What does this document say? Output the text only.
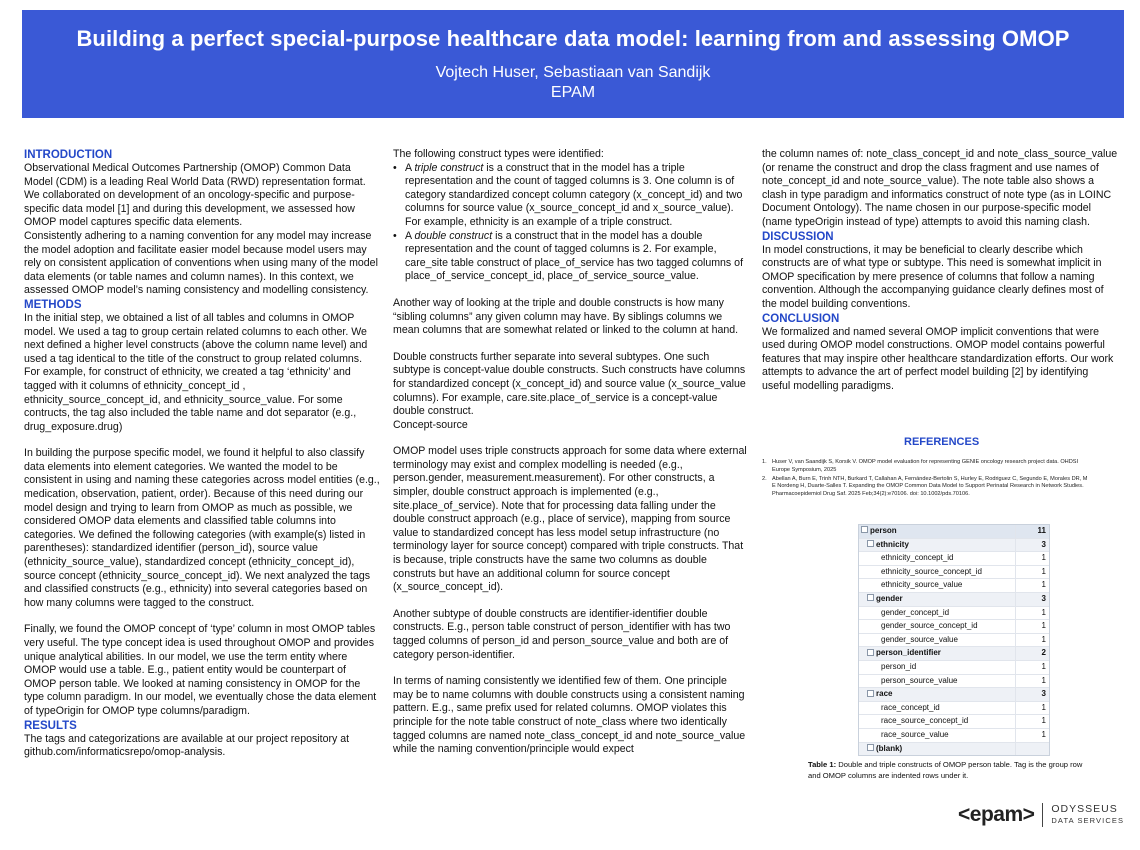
Building a perfect special-purpose healthcare data model: learning from and assessing OMOP
Vojtech Huser, Sebastiaan van Sandijk
EPAM
INTRODUCTION

Observational Medical Outcomes Partnership (OMOP) Common Data Model (CDM) is a leading Real World Data (RWD) representation format. We collaborated on development of an oncology-specific and purpose-specific data model [1] and during this development, we assessed how OMOP model captures specific data elements.

Consistently adhering to a naming convention for any model may increase the model adoption and facilitate easier model because model users may rely on consistent application of conventions when using many of the model data elements (or table names and column names). In this context, we assessed OMOP model’s naming consistency and modelling consistency.

METHODS

In the initial step, we obtained a list of all tables and columns in OMOP model. We used a tag to group certain related columns to each other. We next defined a higher level constructs (above the column name level) and used a tag identical to the title of the construct to group related columns. For example, for construct of ethnicity, we created a tag ‘ethnicity’ and tagged with it columns of ethnicity_concept_id , ethnicity_source_concept_id, and ethnicity_source_value. For some contructs, the tag also included the table name and dot separator (e.g., drug_exposure.drug)

In building the purpose specific model, we found it helpful to also classify data elements into element categories. We wanted the model to be consistent in using and naming these categories across model entities (e.g., medication, observation, patient, order). Because of this need during our model design and trying to learn from OMOP as much as possible, we considered OMOP data elements and classified table columns into categories. We defined the following categories (with example(s) listed in parentheses): standardized identifier (person_id), source value (ethnicity_source_value), standardized concept (ethnicity_concept_id), source concept (ethnicity_source_concept_id). We next analyzed the tags and classified constructs (e.g., ethnicity) into several categories based on how many columns were tagged to the construct.

Finally, we found the OMOP concept of ‘type’ column in most OMOP tables very useful. The type concept idea is used throughout OMOP and provides unique analytical abilities. In our model, we use the term entity where OMOP would use a table. E.g., patient entity would be counterpart of OMOP person table. We looked at naming consistency in OMOP for the type column paradigm. In our model, we eventually chose the data element of typeOrigin for OMOP type columns/paradigm.

RESULTS

The tags and categorizations are available at our project repository at github.com/informaticsrepo/omop-analysis.

The following construct types were identified:

• A triple construct is a construct that in the model has a triple representation and the count of tagged columns is 3. One column is of category standardized concept column category (x_concept_id) and two columns for source value (x_source_concept_id and x_source_value). For example, ethnicity is an example of a triple construct.
• A double construct is a construct that in the model has a double representation and the count of tagged columns is 2. For example, care_site table construct of place_of_service has two tagged columns of place_of_service_concept_id, place_of_service_source_value.

Another way of looking at the triple and double constructs is how many “sibling columns” any given column may have. By siblings columns we mean columns that are somewhat related or linked to the column at hand.

Double constructs further separate into several subtypes. One such subtype is concept-value double constructs. Such constructs have columns for standardized concept (x_concept_id) and source value (x_source_value columns). For example, care.site.place_of_service is a concept-value double construct.

Concept-source

OMOP model uses triple constructs approach for some data where external terminology may exist and complex modelling is needed (e.g., person.gender, measurement.measurement). For other constructs, a simpler, double construct approach is implemented (e.g., site.place_of_service). Note that for processing data falling under the double construct approach (e.g., place of service), mapping from source value to standardized concept has less model setup infrastructure (no terminology layer for source concept) compared with triple constructs. That is because, triple constructs have the same two columns as double construts but have an additional column for source concept (x_source_concept_id).

Another subtype of double constructs are identifier-identifier double constructs. E.g., person table construct of person_identifier with has two tagged columns of person_id and person_source_value and both are of category person-identifier.

In terms of naming consistently we identified few of them. One principle may be to name columns with double constructs using a consistent naming pattern. E.g., same prefix used for related columns. OMOP violates this principle for the note table construct of note_class where two identically tagged columns are named note_class_concept_id and note_source_value while the naming convention/principle would expect

the column names of: note_class_concept_id and note_class_source_value (or rename the construct and drop the class fragment and use names of note_concept_id and note_source_value). The note table also shows a clash in type paradigm and informatics construct of note type (as in LOINC Document Ontology). The name chosen in our purpose-specific model (name typeOrigin instead of type) attempts to avoid this naming clash.

DISCUSSION

In model constructions, it may be beneficial to clearly describe which constructs are of what type or subtype. This need is somewhat implicit in OMOP specification by mere presence of columns that follow a naming convention. Although the accompanying guidance clearly defines most of the model building conventions.

CONCLUSION

We formalized and named several OMOP implicit conventions that were used during OMOP model constructions. OMOP model contains powerful features that may inspire other healthcare standardization efforts. Our work attempts to advance the art of perfect model building [2] by identifying useful modelling paradigms.

REFERENCES
1. Huser V, van Saandijk S, Korsik V. OMOP model evaluation for representing GENIE oncology research project data. OHDSI Europe Symposium, 2025
2. Abellan A, Burn E, Trinh NTH, Burkard T, Callahan A, Fernández-Bertolin S, Hurley E, Rodriguez C, Segundo E, Morales DR, M E Nordeng H, Duarte-Salles T. Expanding the OMOP Common Data Model to Support Perinatal Research in Network Studies. Pharmacoepidemiol Drug Saf. 2025 Feb;34(2):e70106. doi: 10.1002/pds.70106.
person	11
ethnicity	3
ethnicity_concept_id	1
ethnicity_source_concept_id	1
ethnicity_source_value	1
gender	3
gender_concept_id	1
gender_source_concept_id	1
gender_source_value	1
person_identifier	2
person_id	1
person_source_value	1
race	3
race_concept_id	1
race_source_concept_id	1
race_source_value	1
(blank)
Table 1: Double and triple constructs of OMOP person table. Tag is the group row and OMOP columns are indented rows under it.
<epam> ODYSSEUS
DATA SERVICES
